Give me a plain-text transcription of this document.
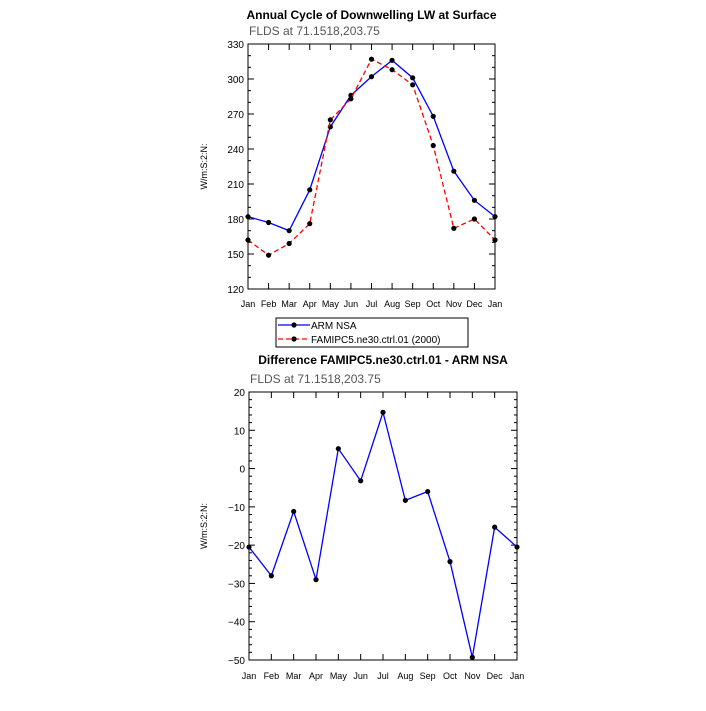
Annual Cycle of Downwelling LW at Surface
FLDS at 71.1518,203.75
120
150
180
210
240
270
300
330
Jan Feb Mar Apr May Jun Jul Aug Sep Oct Nov Dec Jan
W/m:S:2:N:
ARM NSA
FAMIPC5.ne30.ctrl.01 (2000)
Difference FAMIPC5.ne30.ctrl.01 - ARM NSA
FLDS at 71.1518,203.75
−50
−40
−30
−20
−10
0
10
20
Jan Feb Mar Apr May Jun Jul Aug Sep Oct Nov Dec Jan
W/m:S:2:N:
